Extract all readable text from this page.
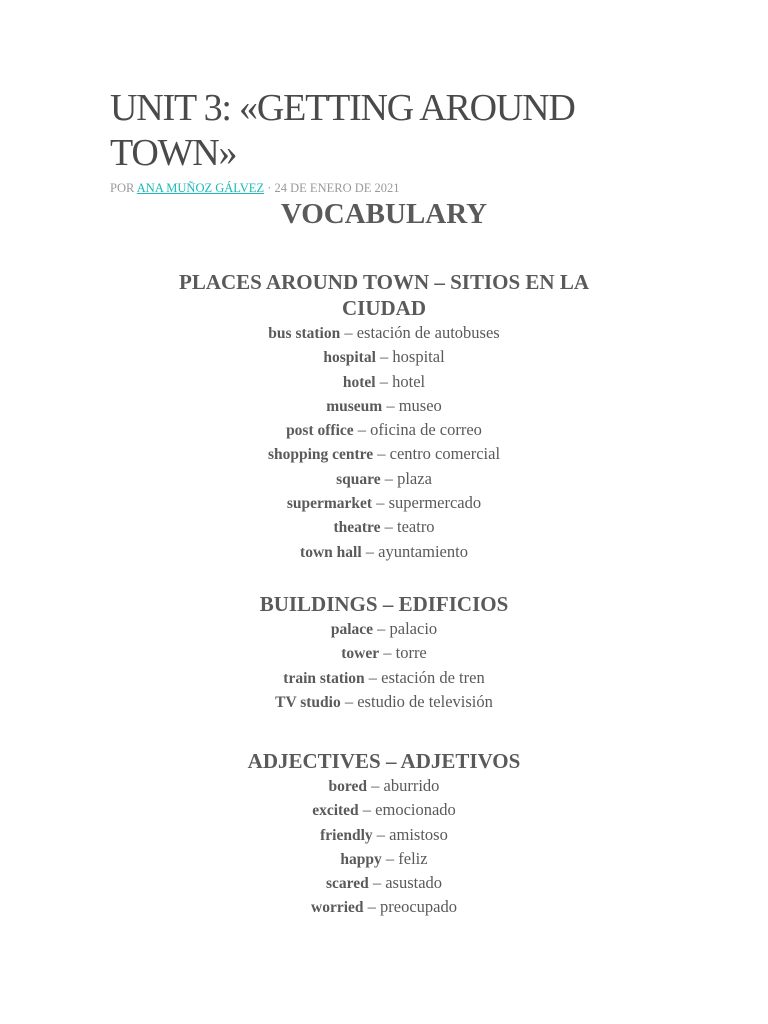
UNIT 3: «GETTING AROUND TOWN»
POR ANA MUÑOZ GÁLVEZ · 24 DE ENERO DE 2021
VOCABULARY
PLACES AROUND TOWN – SITIOS EN LA CIUDAD
bus station – estación de autobuses
hospital – hospital
hotel – hotel
museum – museo
post office – oficina de correo
shopping centre – centro comercial
square – plaza
supermarket – supermercado
theatre – teatro
town hall – ayuntamiento
BUILDINGS – EDIFICIOS
palace – palacio
tower – torre
train station – estación de tren
TV studio – estudio de televisión
ADJECTIVES – ADJETIVOS
bored – aburrido
excited – emocionado
friendly – amistoso
happy – feliz
scared – asustado
worried – preocupado
